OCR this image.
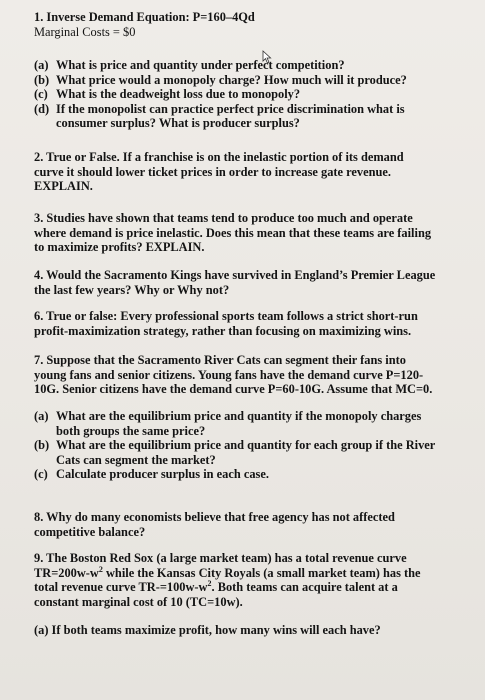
1. Inverse Demand Equation: P=160–4Qd
Marginal Costs = $0
(a) What is price and quantity under perfect competition?
(b) What price would a monopoly charge? How much will it produce?
(c) What is the deadweight loss due to monopoly?
(d) If the monopolist can practice perfect price discrimination what is
consumer surplus? What is producer surplus?
2. True or False. If a franchise is on the inelastic portion of its demand
curve it should lower ticket prices in order to increase gate revenue.
EXPLAIN.
3. Studies have shown that teams tend to produce too much and operate
where demand is price inelastic. Does this mean that these teams are failing
to maximize profits? EXPLAIN.
4. Would the Sacramento Kings have survived in England’s Premier League
the last few years? Why or Why not?
6. True or false: Every professional sports team follows a strict short-run
profit-maximization strategy, rather than focusing on maximizing wins.
7. Suppose that the Sacramento River Cats can segment their fans into
young fans and senior citizens. Young fans have the demand curve P=120-
10G. Senior citizens have the demand curve P=60-10G. Assume that MC=0.
(a) What are the equilibrium price and quantity if the monopoly charges
both groups the same price?
(b) What are the equilibrium price and quantity for each group if the River
Cats can segment the market?
(c) Calculate producer surplus in each case.
8. Why do many economists believe that free agency has not affected
competitive balance?
9. The Boston Red Sox (a large market team) has a total revenue curve
$TR=200w-w^2$ while the Kansas City Royals (a small market team) has the
total revenue curve $TR-=100w-w^2$. Both teams can acquire talent at a
constant marginal cost of 10 (TC=10w).
(a) If both teams maximize profit, how many wins will each have?
